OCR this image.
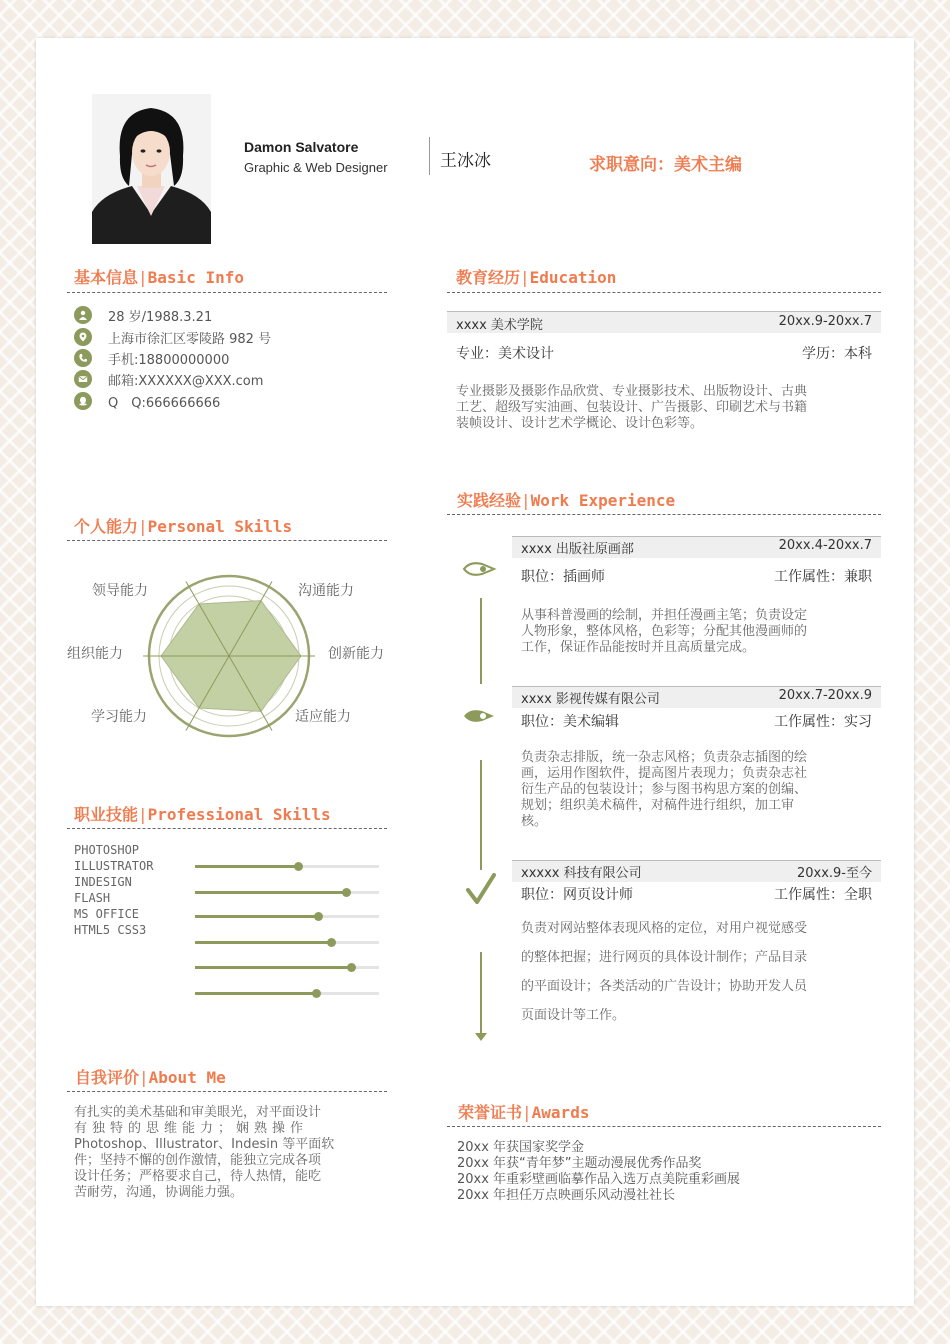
Damon Salvatore
Graphic & Web Designer	王冰冰	求职意向：美术主编
基本信息|Basic Info
28 岁/1988.3.21
上海市徐汇区零陵路 982 号
手机:18800000000
邮箱:XXXXXX@XXX.com
Q　Q:666666666
个人能力|Personal Skills
领导能力	沟通能力
组织能力	创新能力
学习能力	适应能力
职业技能|Professional Skills
PHOTOSHOP
ILLUSTRATOR
INDESIGN
FLASH
MS OFFICE
HTML5 CSS3
自我评价|About Me
有扎实的美术基础和审美眼光，对平面设计
有独特的思维能力；娴熟操作
Photoshop、Illustrator、Indesin 等平面软
件；坚持不懈的创作激情，能独立完成各项
设计任务；严格要求自己，待人热情，能吃
苦耐劳，沟通，协调能力强。
教育经历|Education
xxxx 美术学院	20xx.9-20xx.7
专业：美术设计	学历：本科
专业摄影及摄影作品欣赏、专业摄影技术、出版物设计、古典
工艺、超级写实油画、包装设计、广告摄影、印刷艺术与书籍
装帧设计、设计艺术学概论、设计色彩等。
实践经验|Work Experience
xxxx 出版社原画部	20xx.4-20xx.7
职位：插画师	工作属性：兼职
从事科普漫画的绘制，并担任漫画主笔；负责设定
人物形象，整体风格，色彩等；分配其他漫画师的
工作，保证作品能按时并且高质量完成。
xxxx 影视传媒有限公司	20xx.7-20xx.9
职位：美术编辑	工作属性：实习
负责杂志排版，统一杂志风格；负责杂志插图的绘
画，运用作图软件，提高图片表现力；负责杂志社
衍生产品的包装设计；参与图书构思方案的创编、
规划；组织美术稿件，对稿件进行组织，加工审
核。
xxxxx 科技有限公司	20xx.9-至今
职位：网页设计师	工作属性：全职
负责对网站整体表现风格的定位，对用户视觉感受
的整体把握；进行网页的具体设计制作；产品目录
的平面设计；各类活动的广告设计；协助开发人员
页面设计等工作。
荣誉证书|Awards
20xx 年获国家奖学金
20xx 年获“青年梦”主题动漫展优秀作品奖
20xx 年重彩壁画临摹作品入选万点美院重彩画展
20xx 年担任万点映画乐风动漫社社长
